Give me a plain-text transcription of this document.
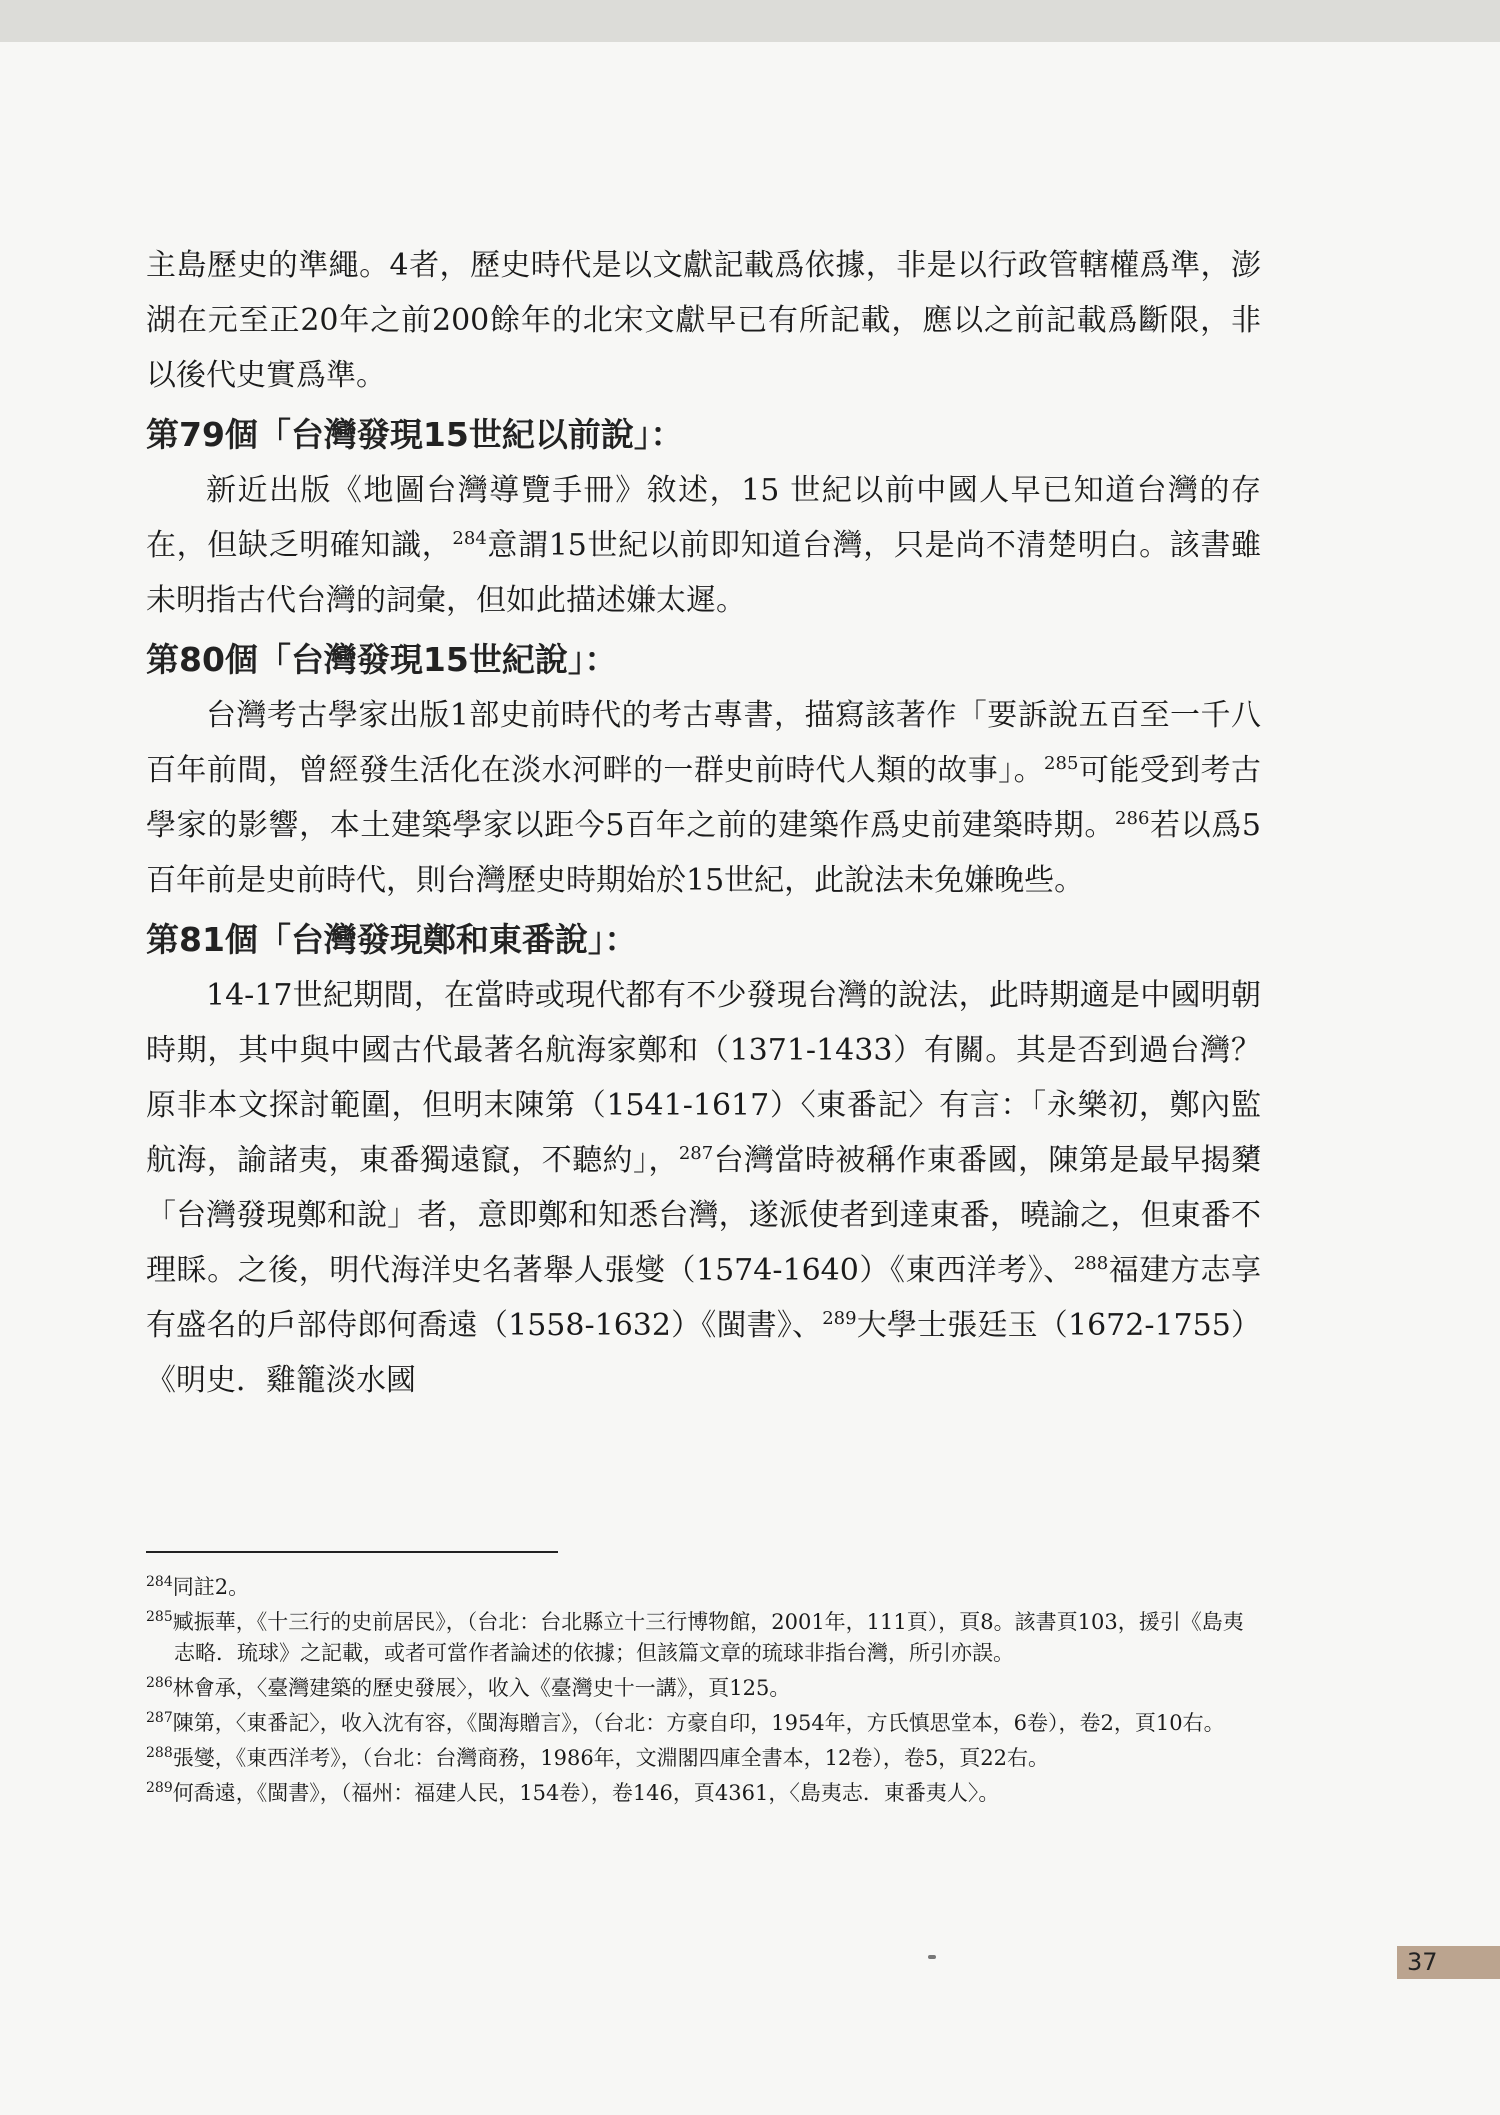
主島歷史的準繩。4者，歷史時代是以文獻記載爲依據，非是以行政管轄權爲準，澎湖在元至正20年之前200餘年的北宋文獻早已有所記載，應以之前記載爲斷限，非以後代史實爲準。

第79個「台灣發現15世紀以前說」：

新近出版《地圖台灣導覽手冊》敘述，15 世紀以前中國人早已知道台灣的存在，但缺乏明確知識，$^{284}$意謂15世紀以前即知道台灣，只是尚不清楚明白。該書雖未明指古代台灣的詞彙，但如此描述嫌太遲。

第80個「台灣發現15世紀說」：

台灣考古學家出版1部史前時代的考古專書，描寫該著作「要訴說五百至一千八百年前間，曾經發生活化在淡水河畔的一群史前時代人類的故事」。$^{285}$可能受到考古學家的影響，本土建築學家以距今5百年之前的建築作爲史前建築時期。$^{286}$若以爲5百年前是史前時代，則台灣歷史時期始於15世紀，此說法未免嫌晚些。

第81個「台灣發現鄭和東番說」：

14-17世紀期間，在當時或現代都有不少發現台灣的說法，此時期適是中國明朝時期，其中與中國古代最著名航海家鄭和（1371-1433）有關。其是否到過台灣？原非本文探討範圍，但明末陳第（1541-1617）〈東番記〉有言：「永樂初，鄭內監航海，諭諸夷，東番獨遠竄，不聽約」，$^{287}$台灣當時被稱作東番國，陳第是最早揭櫫「台灣發現鄭和說」者，意即鄭和知悉台灣，遂派使者到達東番，曉諭之，但東番不理睬。之後，明代海洋史名著舉人張燮（1574-1640）《東西洋考》、$^{288}$福建方志享有盛名的戶部侍郎何喬遠（1558-1632）《閩書》、$^{289}$大學士張廷玉（1672-1755）《明史．雞籠淡水國

$^{284}$同註2。

$^{285}$臧振華，《十三行的史前居民》，（台北：台北縣立十三行博物館，2001年，111頁），頁8。該書頁103，援引《島夷志略．琉球》之記載，或者可當作者論述的依據；但該篇文章的琉球非指台灣，所引亦誤。

$^{286}$林會承，〈臺灣建築的歷史發展〉，收入《臺灣史十一講》，頁125。

$^{287}$陳第，〈東番記〉，收入沈有容，《閩海贈言》，（台北：方豪自印，1954年，方氏慎思堂本，6卷），卷2，頁10右。

$^{288}$張燮，《東西洋考》，（台北：台灣商務，1986年，文淵閣四庫全書本，12卷），卷5，頁22右。

$^{289}$何喬遠，《閩書》，（福州：福建人民，154卷），卷146，頁4361，〈島夷志．東番夷人〉。

37
